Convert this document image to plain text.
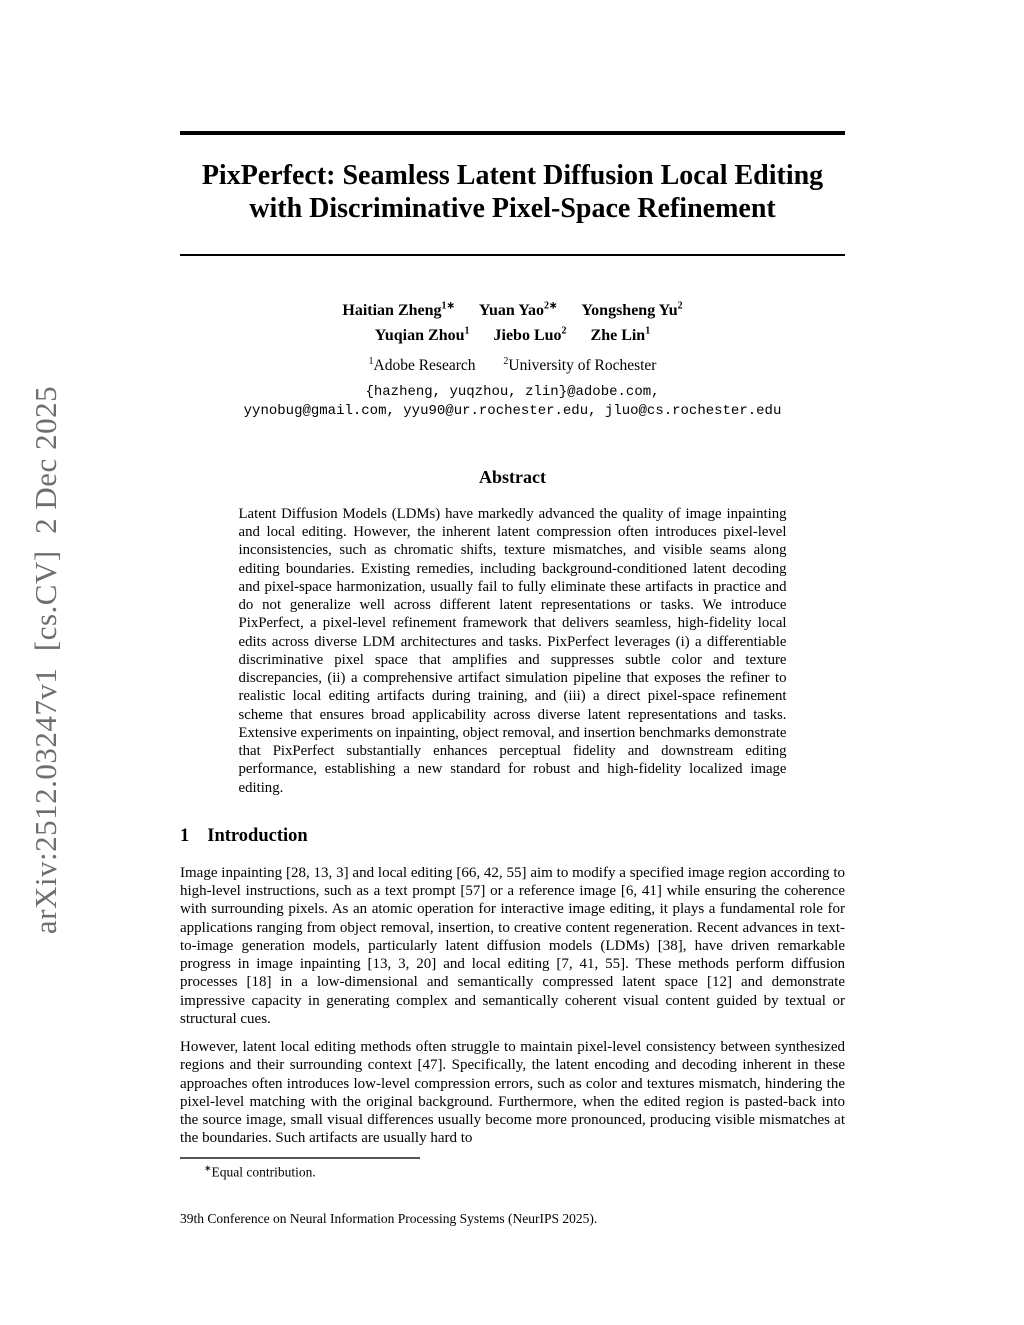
arXiv:2512.03247v1  [cs.CV]  2 Dec 2025
PixPerfect: Seamless Latent Diffusion Local Editing
with Discriminative Pixel-Space Refinement
Haitian Zheng$^{1∗}$ Yuan Yao$^{2∗}$ Yongsheng Yu$^2$
Yuqian Zhou$^1$ Jiebo Luo$^2$ Zhe Lin$^1$
$^1$Adobe Research	$^2$University of Rochester
{hazheng, yuqzhou, zlin}@adobe.com,
yynobug@gmail.com, yyu90@ur.rochester.edu, jluo@cs.rochester.edu
Abstract
Latent Diffusion Models (LDMs) have markedly advanced the quality of image inpainting and local editing. However, the inherent latent compression often introduces pixel-level inconsistencies, such as chromatic shifts, texture mismatches, and visible seams along editing boundaries. Existing remedies, including background-conditioned latent decoding and pixel-space harmonization, usually fail to fully eliminate these artifacts in practice and do not generalize well across different latent representations or tasks. We introduce PixPerfect, a pixel-level refinement framework that delivers seamless, high-fidelity local edits across diverse LDM architectures and tasks. PixPerfect leverages (i) a differentiable discriminative pixel space that amplifies and suppresses subtle color and texture discrepancies, (ii) a comprehensive artifact simulation pipeline that exposes the refiner to realistic local editing artifacts during training, and (iii) a direct pixel-space refinement scheme that ensures broad applicability across diverse latent representations and tasks. Extensive experiments on inpainting, object removal, and insertion benchmarks demonstrate that PixPerfect substantially enhances perceptual fidelity and downstream editing performance, establishing a new standard for robust and high-fidelity localized image editing.
1 Introduction
Image inpainting [28, 13, 3] and local editing [66, 42, 55] aim to modify a specified image region according to high-level instructions, such as a text prompt [57] or a reference image [6, 41] while ensuring the coherence with surrounding pixels. As an atomic operation for interactive image editing, it plays a fundamental role for applications ranging from object removal, insertion, to creative content regeneration. Recent advances in text-to-image generation models, particularly latent diffusion models (LDMs) [38], have driven remarkable progress in image inpainting [13, 3, 20] and local editing [7, 41, 55]. These methods perform diffusion processes [18] in a low-dimensional and semantically compressed latent space [12] and demonstrate impressive capacity in generating complex and semantically coherent visual content guided by textual or structural cues.
However, latent local editing methods often struggle to maintain pixel-level consistency between synthesized regions and their surrounding context [47]. Specifically, the latent encoding and decoding inherent in these approaches often introduces low-level compression errors, such as color and textures mismatch, hindering the pixel-level matching with the original background. Furthermore, when the edited region is pasted-back into the source image, small visual differences usually become more pronounced, producing visible mismatches at the boundaries. Such artifacts are usually hard to
∗Equal contribution.
39th Conference on Neural Information Processing Systems (NeurIPS 2025).
